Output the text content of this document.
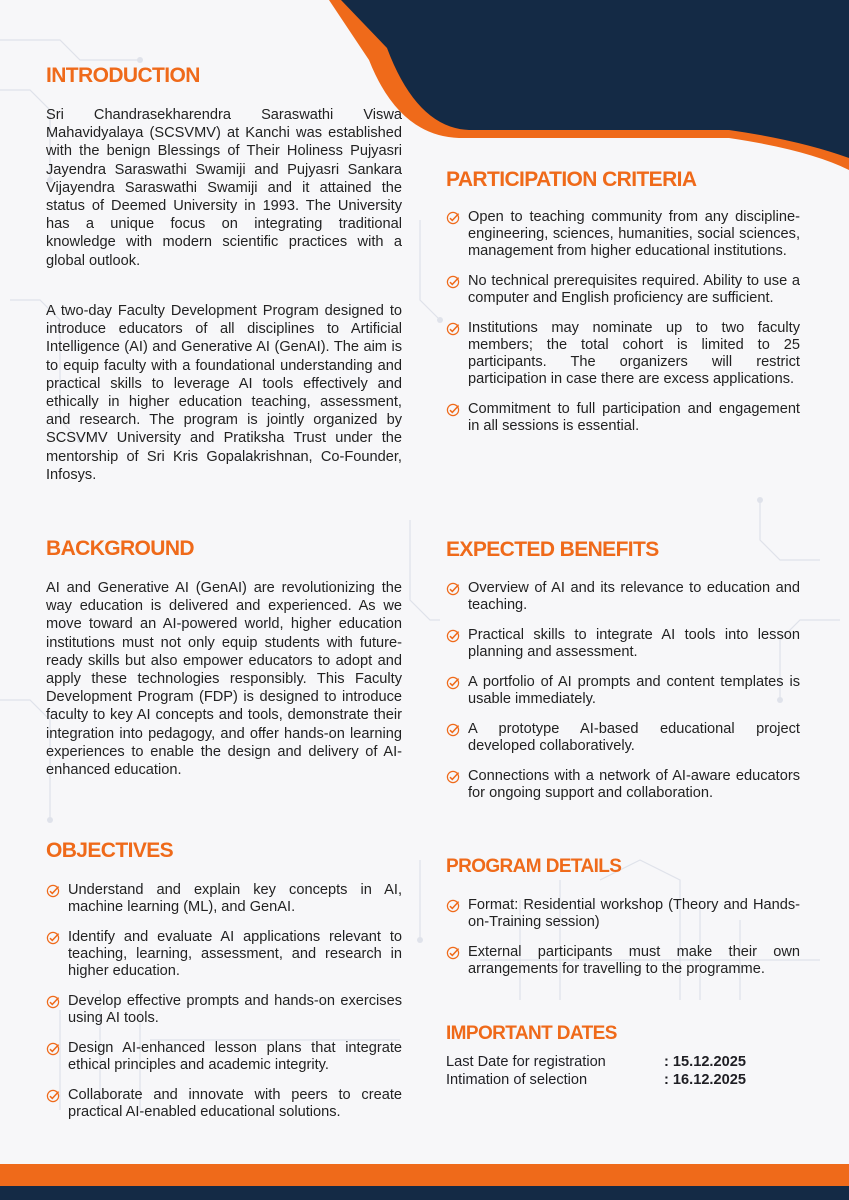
INTRODUCTION

Sri Chandrasekharendra Saraswathi Viswa Mahavidyalaya (SCSVMV) at Kanchi was established with the benign Blessings of Their Holiness Pujyasri Jayendra Saraswathi Swamiji and Pujyasri Sankara Vijayendra Saraswathi Swamiji and it attained the status of Deemed University in 1993. The University has a unique focus on integrating traditional knowledge with modern scientific practices with a global outlook.

A two-day Faculty Development Program designed to introduce educators of all disciplines to Artificial Intelligence (AI) and Generative AI (GenAI). The aim is to equip faculty with a foundational understanding and practical skills to leverage AI tools effectively and ethically in higher education teaching, assessment, and research. The program is jointly organized by SCSVMV University and Pratiksha Trust under the mentorship of Sri Kris Gopalakrishnan, Co-Founder, Infosys.

BACKGROUND

AI and Generative AI (GenAI) are revolutionizing the way education is delivered and experienced. As we move toward an AI-powered world, higher education institutions must not only equip students with future-ready skills but also empower educators to adopt and apply these technologies responsibly. This Faculty Development Program (FDP) is designed to introduce faculty to key AI concepts and tools, demonstrate their integration into pedagogy, and offer hands-on learning experiences to enable the design and delivery of AI-enhanced education.

OBJECTIVES
Understand and explain key concepts in AI, machine learning (ML), and GenAI.
Identify and evaluate AI applications relevant to teaching, learning, assessment, and research in higher education.
Develop effective prompts and hands-on exercises using AI tools.
Design AI-enhanced lesson plans that integrate ethical principles and academic integrity.
Collaborate and innovate with peers to create practical AI-enabled educational solutions.
PARTICIPATION CRITERIA
Open to teaching community from any discipline-engineering, sciences, humanities, social sciences, management from higher educational institutions.
No technical prerequisites required. Ability to use a computer and English proficiency are sufficient.
Institutions may nominate up to two faculty members; the total cohort is limited to 25 participants. The organizers will restrict participation in case there are excess applications.
Commitment to full participation and engagement in all sessions is essential.
EXPECTED BENEFITS
Overview of AI and its relevance to education and teaching.
Practical skills to integrate AI tools into lesson planning and assessment.
A portfolio of AI prompts and content templates is usable immediately.
A prototype AI-based educational project developed collaboratively.
Connections with a network of AI-aware educators for ongoing support and collaboration.
PROGRAM DETAILS
Format: Residential workshop (Theory and Hands-on-Training session)
External participants must make their own arrangements for travelling to the programme.
IMPORTANT DATES
Last Date for registration	: 15.12.2025
Intimation of selection	: 16.12.2025
